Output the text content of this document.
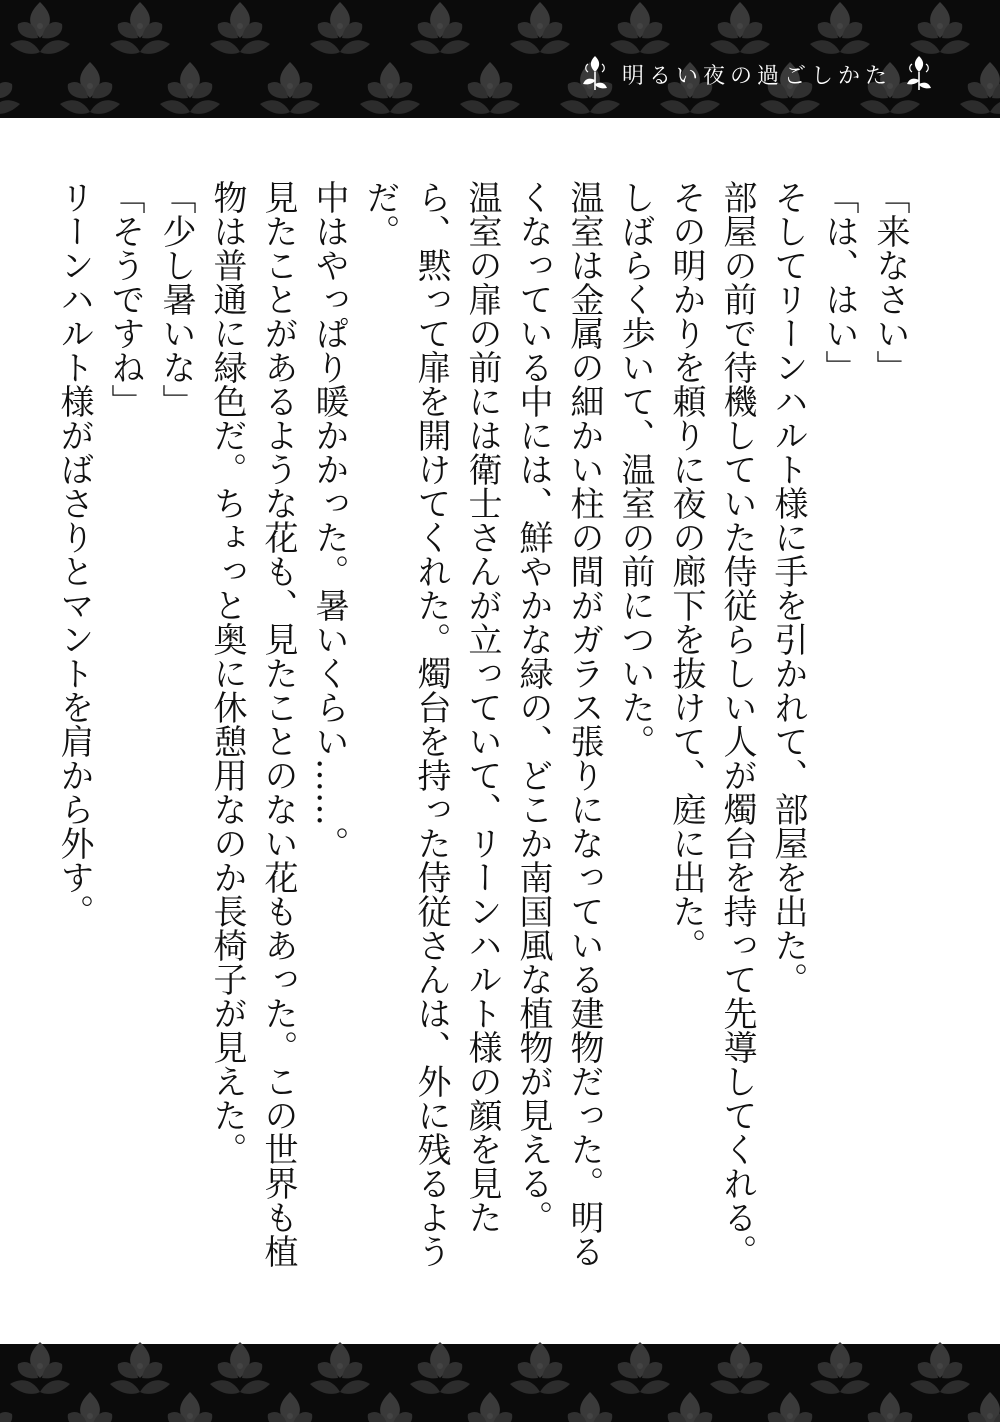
明るい夜の過ごしかた

「来なさい」

「は、はい」

そしてリーンハルト様に手を引かれて、部屋を出た。

部屋の前で待機していた侍従らしい人が燭台を持って先導してくれる。その明かりを頼りに夜の廊下を抜けて、庭に出た。

しばらく歩いて、温室の前についた。

温室は金属の細かい柱の間がガラス張りになっている建物だった。明るくなっている中には、鮮やかな緑の、どこか南国風な植物が見える。

温室の扉の前には衛士さんが立っていて、リーンハルト様の顔を見たら、黙って扉を開けてくれた。燭台を持った侍従さんは、外に残るようだ。

中はやっぱり暖かかった。暑いくらい……。

見たことがあるような花も、見たことのない花もあった。この世界も植物は普通に緑色だ。ちょっと奥に休憩用なのか長椅子が見えた。

「少し暑いな」

「そうですね」

リーンハルト様がばさりとマントを肩から外す。
